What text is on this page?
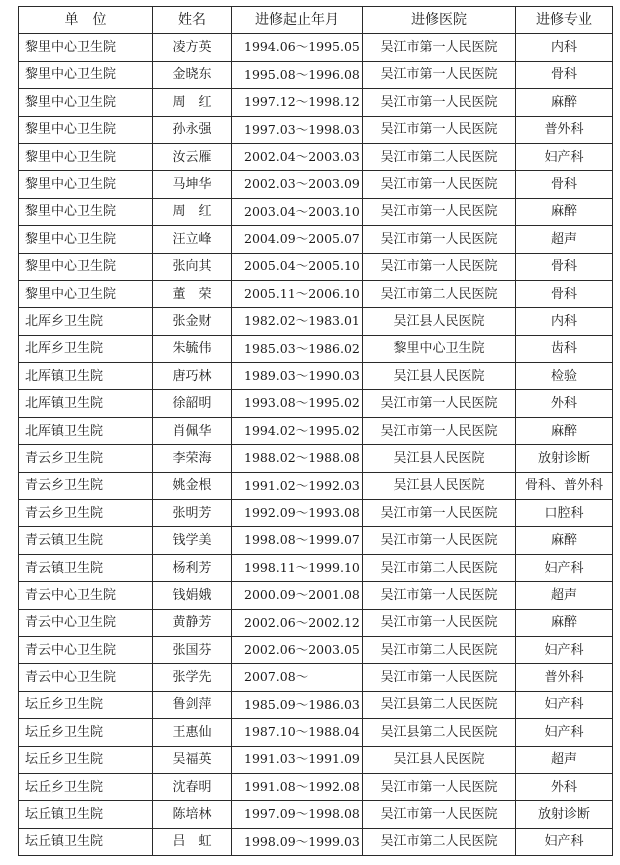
单　位	姓名	进修起止年月	进修医院	进修专业
黎里中心卫生院	凌方英	1994.06～1995.05	吴江市第一人民医院	内科
黎里中心卫生院	金晓东	1995.08～1996.08	吴江市第一人民医院	骨科
黎里中心卫生院	周　红	1997.12～1998.12	吴江市第一人民医院	麻醉
黎里中心卫生院	孙永强	1997.03～1998.03	吴江市第一人民医院	普外科
黎里中心卫生院	汝云雁	2002.04～2003.03	吴江市第二人民医院	妇产科
黎里中心卫生院	马坤华	2002.03～2003.09	吴江市第一人民医院	骨科
黎里中心卫生院	周　红	2003.04～2003.10	吴江市第一人民医院	麻醉
黎里中心卫生院	汪立峰	2004.09～2005.07	吴江市第一人民医院	超声
黎里中心卫生院	张向其	2005.04～2005.10	吴江市第一人民医院	骨科
黎里中心卫生院	董　荣	2005.11～2006.10	吴江市第二人民医院	骨科
北厍乡卫生院	张金财	1982.02～1983.01	吴江县人民医院	内科
北厍乡卫生院	朱毓伟	1985.03～1986.02	黎里中心卫生院	齿科
北厍镇卫生院	唐巧林	1989.03～1990.03	吴江县人民医院	检验
北厍镇卫生院	徐韶明	1993.08～1995.02	吴江市第一人民医院	外科
北厍镇卫生院	肖佩华	1994.02～1995.02	吴江市第一人民医院	麻醉
青云乡卫生院	李荣海	1988.02～1988.08	吴江县人民医院	放射诊断
青云乡卫生院	姚金根	1991.02～1992.03	吴江县人民医院	骨科、普外科
青云乡卫生院	张明芳	1992.09～1993.08	吴江市第一人民医院	口腔科
青云镇卫生院	钱学美	1998.08～1999.07	吴江市第一人民医院	麻醉
青云镇卫生院	杨利芳	1998.11～1999.10	吴江市第二人民医院	妇产科
青云中心卫生院	钱娟娥	2000.09～2001.08	吴江市第一人民医院	超声
青云中心卫生院	黄静芳	2002.06～2002.12	吴江市第一人民医院	麻醉
青云中心卫生院	张国芬	2002.06～2003.05	吴江市第二人民医院	妇产科
青云中心卫生院	张学先	2007.08～	吴江市第一人民医院	普外科
坛丘乡卫生院	鲁剑萍	1985.09～1986.03	吴江县第二人民医院	妇产科
坛丘乡卫生院	王惠仙	1987.10～1988.04	吴江县第二人民医院	妇产科
坛丘乡卫生院	吴福英	1991.03～1991.09	吴江县人民医院	超声
坛丘乡卫生院	沈春明	1991.08～1992.08	吴江市第一人民医院	外科
坛丘镇卫生院	陈培林	1997.09～1998.08	吴江市第一人民医院	放射诊断
坛丘镇卫生院	吕　虹	1998.09～1999.03	吴江市第二人民医院	妇产科
